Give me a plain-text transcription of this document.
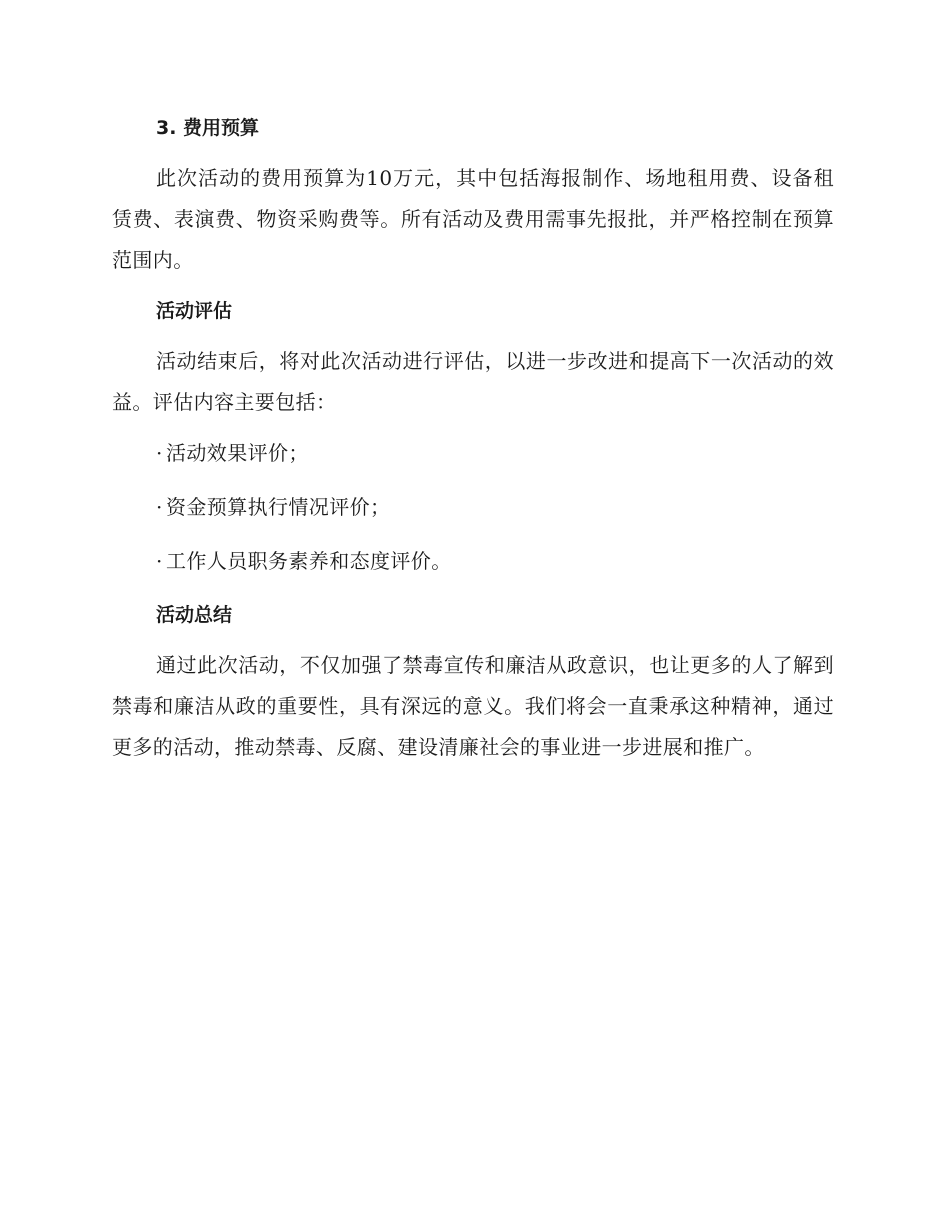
3. 费用预算

此次活动的费用预算为10万元，其中包括海报制作、场地租用费、设备租赁费、表演费、物资采购费等。所有活动及费用需事先报批，并严格控制在预算范围内。

活动评估

活动结束后，将对此次活动进行评估，以进一步改进和提高下一次活动的效益。评估内容主要包括：

· 活动效果评价；
· 资金预算执行情况评价；
· 工作人员职务素养和态度评价。
活动总结

通过此次活动，不仅加强了禁毒宣传和廉洁从政意识，也让更多的人了解到禁毒和廉洁从政的重要性，具有深远的意义。我们将会一直秉承这种精神，通过更多的活动，推动禁毒、反腐、建设清廉社会的事业进一步进展和推广。
